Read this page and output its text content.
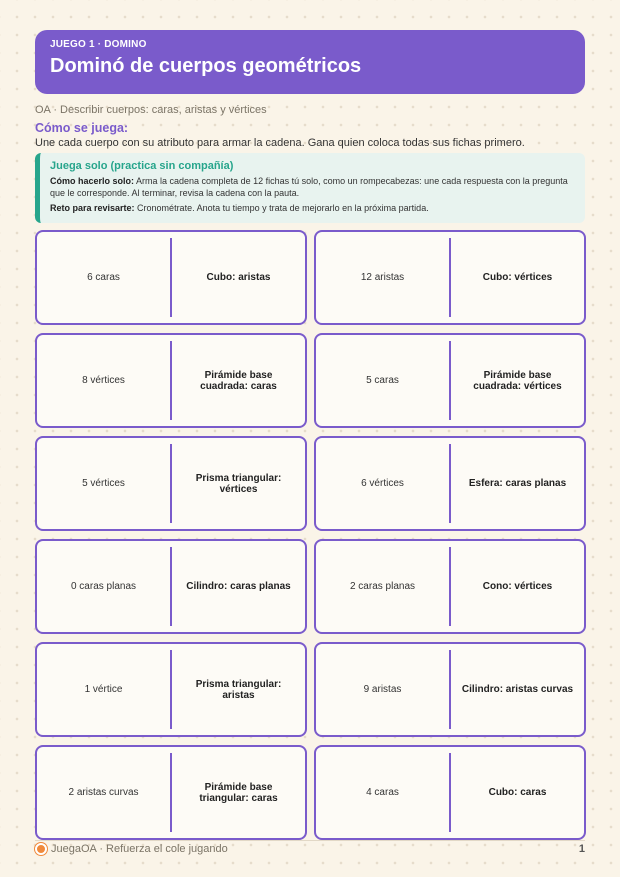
JUEGO 1 · DOMINO
Dominó de cuerpos geométricos
OA · Describir cuerpos: caras, aristas y vértices
Cómo se juega:
Une cada cuerpo con su atributo para armar la cadena. Gana quien coloca todas sus fichas primero.
Juega solo (practica sin compañía)

Cómo hacerlo solo: Arma la cadena completa de 12 fichas tú solo, como un rompecabezas: une cada respuesta con la pregunta que le corresponde. Al terminar, revisa la cadena con la pauta.

Reto para revisarte: Cronométrate. Anota tu tiempo y trata de mejorarlo en la próxima partida.

6 caras	Cubo: aristas	12 aristas	Cubo: vértices
8 vértices	Pirámide base cuadrada: caras	5 caras	Pirámide base cuadrada: vértices
5 vértices	Prisma triangular: vértices	6 vértices	Esfera: caras planas
0 caras planas	Cilindro: caras planas	2 caras planas	Cono: vértices
1 vértice	Prisma triangular: aristas	9 aristas	Cilindro: aristas curvas
2 aristas curvas	Pirámide base triangular: caras	4 caras	Cubo: caras
JuegaOA · Refuerza el cole jugando	1
